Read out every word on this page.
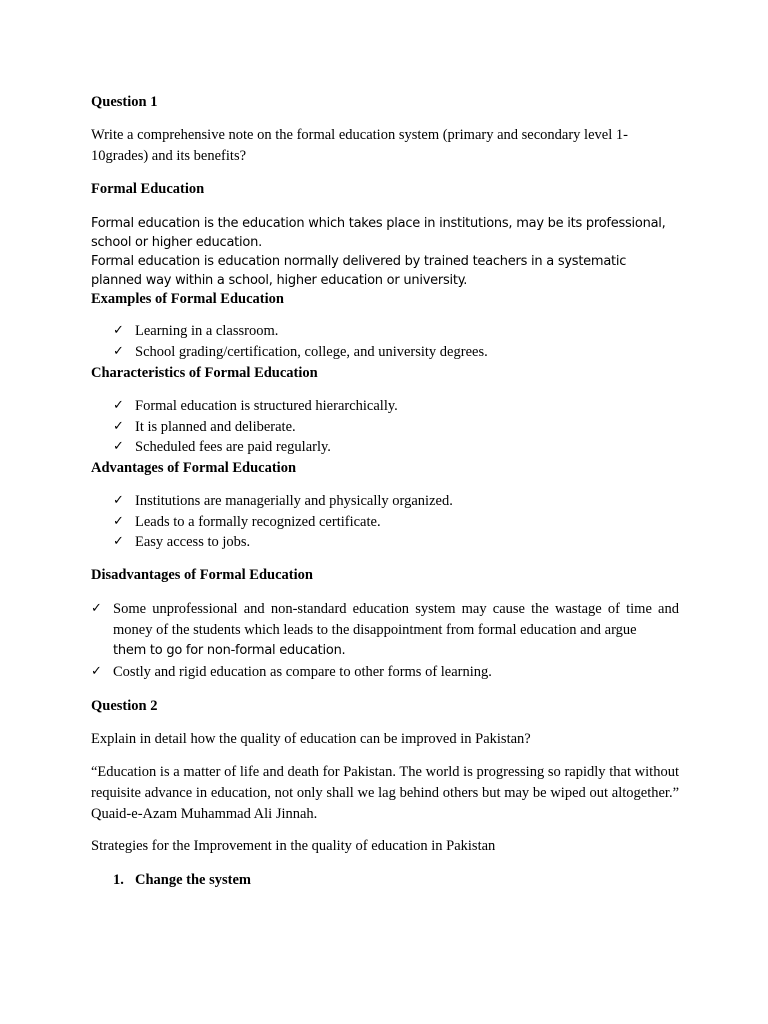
Question 1

Write a comprehensive note on the formal education system (primary and secondary level 1-10grades) and its benefits?

Formal Education

Formal education is the education which takes place in institutions, may be its professional, school or higher education.

Formal education is education normally delivered by trained teachers in a systematic planned way within a school, higher education or university.

Examples of Formal Education

✓ Learning in a classroom.
✓ School grading/certification, college, and university degrees.

Characteristics of Formal Education

✓ Formal education is structured hierarchically.
✓ It is planned and deliberate.
✓ Scheduled fees are paid regularly.

Advantages of Formal Education

✓ Institutions are managerially and physically organized.
✓ Leads to a formally recognized certificate.
✓ Easy access to jobs.

Disadvantages of Formal Education

✓ Some unprofessional and non-standard education system may cause the wastage of time and money of the students which leads to the disappointment from formal education and argue
them to go for non-formal education.
✓ Costly and rigid education as compare to other forms of learning.

Question 2

Explain in detail how the quality of education can be improved in Pakistan?

“Education is a matter of life and death for Pakistan. The world is progressing so rapidly that without requisite advance in education, not only shall we lag behind others but may be wiped out altogether.” Quaid-e-Azam Muhammad Ali Jinnah.

Strategies for the Improvement in the quality of education in Pakistan

1. Change the system
